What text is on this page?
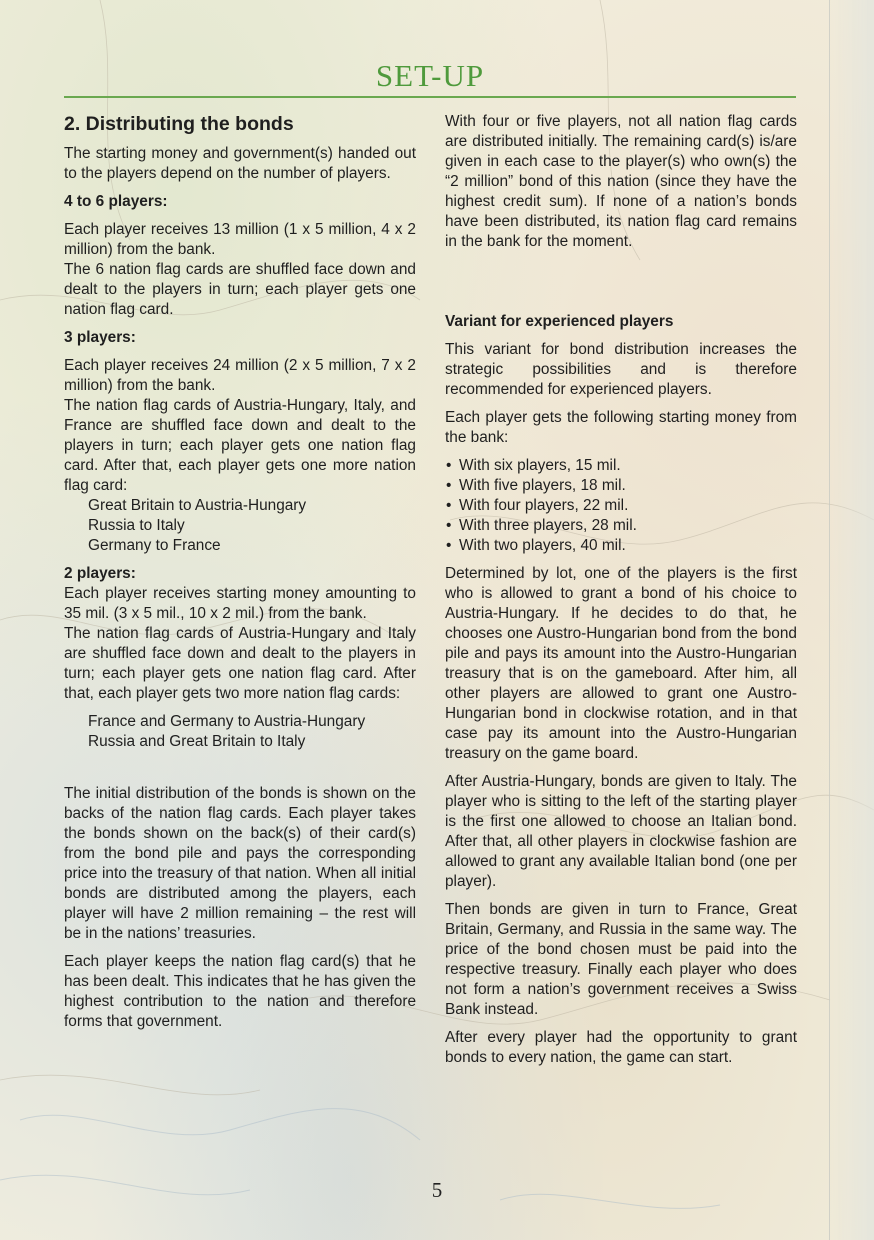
SET-UP
2. Distributing the bonds

The starting money and government(s) handed out to the players depend on the number of players.

4 to 6 players:

Each player receives 13 million (1 x 5 million, 4 x 2 million) from the bank.

The 6 nation flag cards are shuffled face down and dealt to the players in turn; each player gets one nation flag card.

3 players:

Each player receives 24 million (2 x 5 million, 7 x 2 million) from the bank.

The nation flag cards of Austria-Hungary, Italy, and France are shuffled face down and dealt to the players in turn; each player gets one nation flag card. After that, each player gets one more nation flag card:

Great Britain to Austria-Hungary
Russia to Italy
Germany to France
2 players:

Each player receives starting money amounting to 35 mil. (3 x 5 mil., 10 x 2 mil.) from the bank.

The nation flag cards of Austria-Hungary and Italy are shuffled face down and dealt to the players in turn; each player gets one nation flag card. After that, each player gets two more nation flag cards:

France and Germany to Austria-Hungary
Russia and Great Britain to Italy

The initial distribution of the bonds is shown on the backs of the nation flag cards. Each player takes the bonds shown on the back(s) of their card(s) from the bond pile and pays the corresponding price into the treasury of that nation. When all initial bonds are distributed among the players, each player will have 2 million remaining – the rest will be in the nations’ treasuries.

Each player keeps the nation flag card(s) that he has been dealt. This indicates that he has given the highest contribution to the nation and therefore forms that government.

With four or five players, not all nation flag cards are distributed initially. The remaining card(s) is/are given in each case to the player(s) who own(s) the “2 million” bond of this nation (since they have the highest credit sum). If none of a nation’s bonds have been distributed, its nation flag card remains in the bank for the moment.

Variant for experienced players

This variant for bond distribution increases the strategic possibilities and is therefore recommended for experienced players.

Each player gets the following starting money from the bank:

• With six players, 15 mil.
• With five players, 18 mil.
• With four players, 22 mil.
• With three players, 28 mil.
• With two players, 40 mil.

Determined by lot, one of the players is the first who is allowed to grant a bond of his choice to Austria-Hungary. If he decides to do that, he chooses one Austro-Hungarian bond from the bond pile and pays its amount into the Austro-Hungarian treasury that is on the gameboard. After him, all other players are allowed to grant one Austro-Hungarian bond in clockwise rotation, and in that case pay its amount into the Austro-Hungarian treasury on the game board.

After Austria-Hungary, bonds are given to Italy. The player who is sitting to the left of the starting player is the first one allowed to choose an Italian bond. After that, all other players in clockwise fashion are allowed to grant any available Italian bond (one per player).

Then bonds are given in turn to France, Great Britain, Germany, and Russia in the same way. The price of the bond chosen must be paid into the respective treasury. Finally each player who does not form a nation’s government receives a Swiss Bank instead.

After every player had the opportunity to grant bonds to every nation, the game can start.

5
